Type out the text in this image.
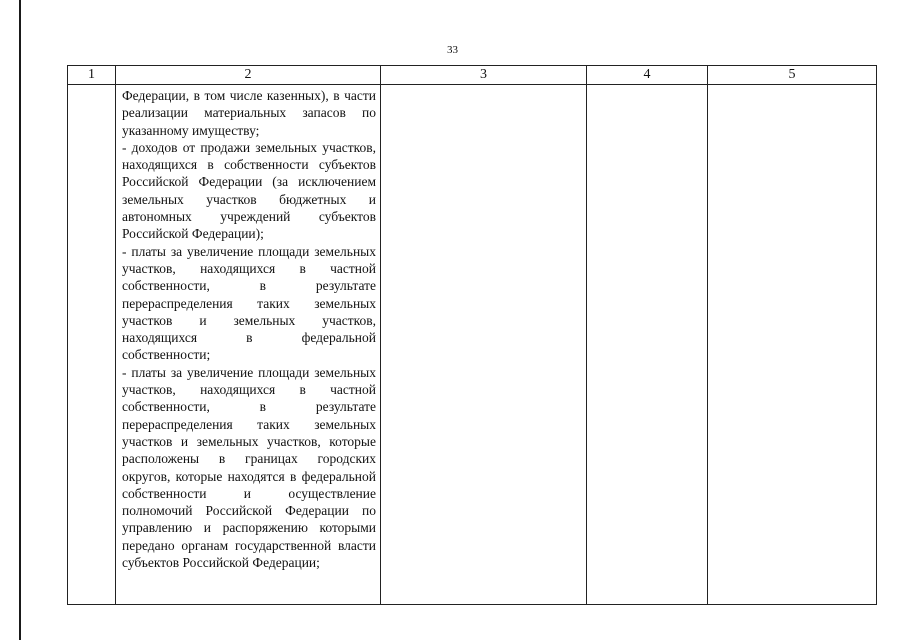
33
1	2	3	4	5

	Федерации, в том числе казенных), в части реализации материальных запасов по указанному имуществу;

- доходов от продажи земельных участков, находящихся в собственности субъектов Российской Федерации (за исключением земельных участков бюджетных и автономных учреждений субъектов Российской Федерации);

- платы за увеличение площади земельных участков, находящихся в частной собственности, в результате перераспределения таких земельных участков и земельных участков, находящихся в федеральной собственности;

- платы за увеличение площади земельных участков, находящихся в частной собственности, в результате перераспределения таких земельных участков и земельных участков, которые расположены в границах городских округов, которые находятся в федеральной собственности и осуществление полномочий Российской Федерации по управлению и распоряжению которыми передано органам государственной власти субъектов Российской Федерации;			
